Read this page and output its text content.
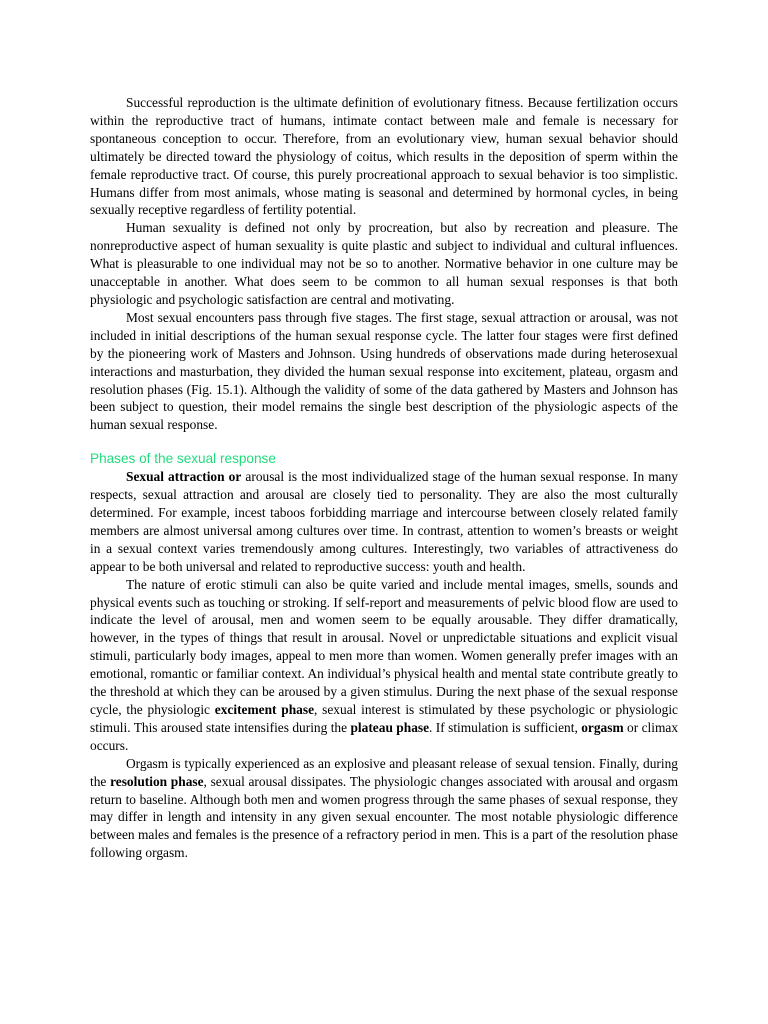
Successful reproduction is the ultimate definition of evolutionary fitness. Because fertilization occurs within the reproductive tract of humans, intimate contact between male and female is necessary for spontaneous conception to occur. Therefore, from an evolutionary view, human sexual behavior should ultimately be directed toward the physiology of coitus, which results in the deposition of sperm within the female reproductive tract. Of course, this purely procreational approach to sexual behavior is too simplistic. Humans differ from most animals, whose mating is seasonal and determined by hormonal cycles, in being sexually receptive regardless of fertility potential.

Human sexuality is defined not only by procreation, but also by recreation and pleasure. The nonreproductive aspect of human sexuality is quite plastic and subject to individual and cultural influences. What is pleasurable to one individual may not be so to another. Normative behavior in one culture may be unacceptable in another. What does seem to be common to all human sexual responses is that both physiologic and psychologic satisfaction are central and motivating.

Most sexual encounters pass through five stages. The first stage, sexual attraction or arousal, was not included in initial descriptions of the human sexual response cycle. The latter four stages were first defined by the pioneering work of Masters and Johnson. Using hundreds of observations made during heterosexual interactions and masturbation, they divided the human sexual response into excitement, plateau, orgasm and resolution phases (Fig. 15.1). Although the validity of some of the data gathered by Masters and Johnson has been subject to question, their model remains the single best description of the physiologic aspects of the human sexual response.

Phases of the sexual response

Sexual attraction or arousal is the most individualized stage of the human sexual response. In many respects, sexual attraction and arousal are closely tied to personality. They are also the most culturally determined. For example, incest taboos forbidding marriage and intercourse between closely related family members are almost universal among cultures over time. In contrast, attention to women’s breasts or weight in a sexual context varies tremendously among cultures. Interestingly, two variables of attractiveness do appear to be both universal and related to reproductive success: youth and health.

The nature of erotic stimuli can also be quite varied and include mental images, smells, sounds and physical events such as touching or stroking. If self-report and measurements of pelvic blood flow are used to indicate the level of arousal, men and women seem to be equally arousable. They differ dramatically, however, in the types of things that result in arousal. Novel or unpredictable situations and explicit visual stimuli, particularly body images, appeal to men more than women. Women generally prefer images with an emotional, romantic or familiar context. An individual’s physical health and mental state contribute greatly to the threshold at which they can be aroused by a given stimulus. During the next phase of the sexual response cycle, the physiologic excitement phase, sexual interest is stimulated by these psychologic or physiologic stimuli. This aroused state intensifies during the plateau phase. If stimulation is sufficient, orgasm or climax occurs.

Orgasm is typically experienced as an explosive and pleasant release of sexual tension. Finally, during the resolution phase, sexual arousal dissipates. The physiologic changes associated with arousal and orgasm return to baseline. Although both men and women progress through the same phases of sexual response, they may differ in length and intensity in any given sexual encounter. The most notable physiologic difference between males and females is the presence of a refractory period in men. This is a part of the resolution phase following orgasm.
